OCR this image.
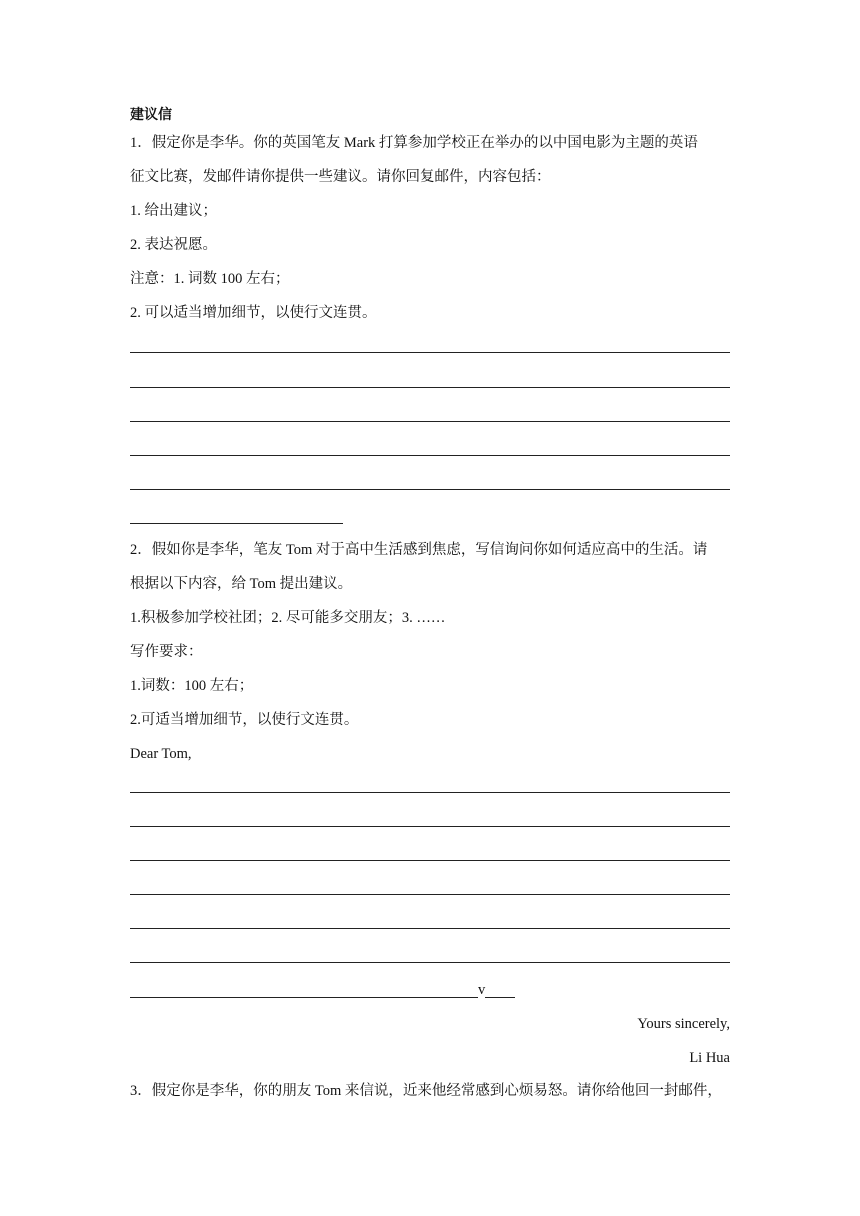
建议信
1．假定你是李华。你的英国笔友 Mark 打算参加学校正在举办的以中国电影为主题的英语
征文比赛，发邮件请你提供一些建议。请你回复邮件，内容包括：
1. 给出建议；
2. 表达祝愿。
注意：1. 词数 100 左右；
2. 可以适当增加细节，以使行文连贯。
2．假如你是李华，笔友 Tom 对于高中生活感到焦虑，写信询问你如何适应高中的生活。请
根据以下内容，给 Tom 提出建议。
1.积极参加学校社团；2. 尽可能多交朋友；3. ……
写作要求：
1.词数：100 左右；
2.可适当增加细节，以使行文连贯。
Dear Tom,
v
Yours sincerely,
Li Hua
3．假定你是李华，你的朋友 Tom 来信说，近来他经常感到心烦易怒。请你给他回一封邮件，
